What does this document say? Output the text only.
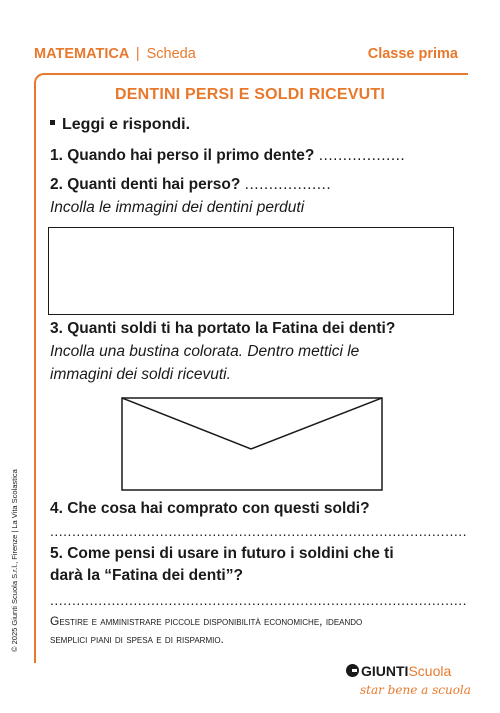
MATEMATICA | Scheda	Classe prima
DENTINI PERSI E SOLDI RICEVUTI
Leggi e rispondi.
1. Quando hai perso il primo dente? ..................
2. Quanti denti hai perso? ..................
Incolla le immagini dei dentini perduti
3. Quanti soldi ti ha portato la Fatina dei denti?
Incolla una bustina colorata. Dentro mettici le
immagini dei soldi ricevuti.
4. Che cosa hai comprato con questi soldi?
...............................................................................................
5. Come pensi di usare in futuro i soldini che ti
darà la “Fatina dei denti”?
...............................................................................................
Gestire e amministrare piccole disponibilità economiche, ideando
semplici piani di spesa e di risparmio.
© 2025 Giunti Scuola S.r.l., Firenze | La Vita Scolastica
GIUNTIScuola
star bene a scuola
